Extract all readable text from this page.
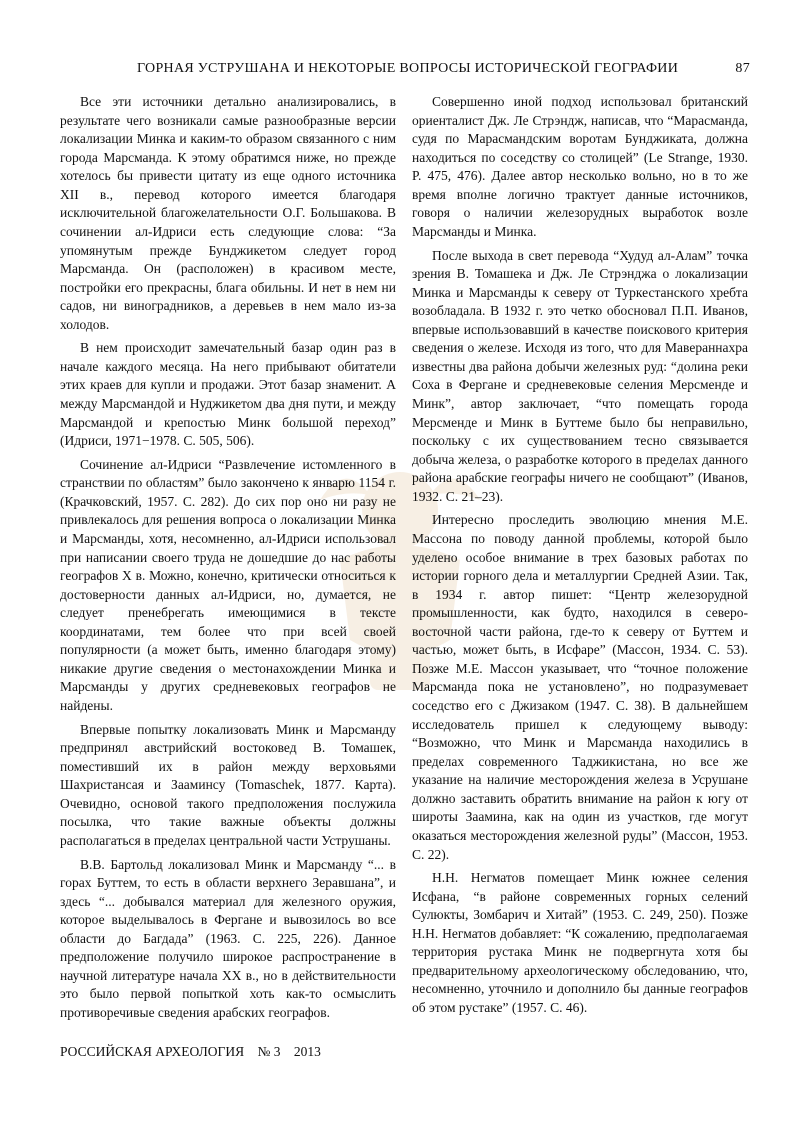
ГОРНАЯ УСТРУШАНА И НЕКОТОРЫЕ ВОПРОСЫ ИСТОРИЧЕСКОЙ ГЕОГРАФИИ	87

Все эти источники детально анализировались, в результате чего возникали самые разнообразные версии локализации Минка и каким-то образом связанного с ним города Марсманда. К этому обратимся ниже, но прежде хотелось бы привести цитату из еще одного источника XII в., перевод которого имеется благодаря исключительной благожелательности О.Г. Большакова. В сочинении ал-Идриси есть следующие слова: “За упомянутым прежде Бунджикетом следует город Марсманда. Он (расположен) в красивом месте, постройки его прекрасны, блага обильны. И нет в нем ни садов, ни виноградников, а деревьев в нем мало из-за холодов.

В нем происходит замечательный базар один раз в начале каждого месяца. На него прибывают обитатели этих краев для купли и продажи. Этот базар знаменит. А между Марсмандой и Нуджикетом два дня пути, и между Марсмандой и крепостью Минк большой переход” (Идриси, 1971−1978. С. 505, 506).

Сочинение ал-Идриси “Развлечение истомленного в странствии по областям” было закончено к январю 1154 г. (Крачковский, 1957. С. 282). До сих пор оно ни разу не привлекалось для решения вопроса о локализации Минка и Марсманды, хотя, несомненно, ал-Идриси использовал при написании своего труда не дошедшие до нас работы географов X в. Можно, конечно, критически относиться к достоверности данных ал-Идриси, но, думается, не следует пренебрегать имеющимися в тексте координатами, тем более что при всей своей популярности (а может быть, именно благодаря этому) никакие другие сведения о местонахождении Минка и Марсманды у других средневековых географов не найдены.

Впервые попытку локализовать Минк и Марсманду предпринял австрийский востоковед В. Томашек, поместивший их в район между верховьями Шахристансая и Зааминсу (Tomaschek, 1877. Карта). Очевидно, основой такого предположения послужила посылка, что такие важные объекты должны располагаться в пределах центральной части Уструшаны.

В.В. Бартольд локализовал Минк и Марсманду “... в горах Буттем, то есть в области верхнего Зеравшана”, и здесь “... добывался материал для железного оружия, которое выделывалось в Фергане и вывозилось во все области до Багдада” (1963. С. 225, 226). Данное предположение получило широкое распространение в научной литературе начала XX в., но в действительности это было первой попыткой хоть как-то осмыслить противоречивые сведения арабских географов.

Совершенно иной подход использовал британский ориенталист Дж. Ле Стрэндж, написав, что “Марасманда, судя по Марасмандским воротам Бунджиката, должна находиться по соседству со столицей” (Le Strange, 1930. P. 475, 476). Далее автор несколько вольно, но в то же время вполне логично трактует данные источников, говоря о наличии железорудных выработок возле Марсманды и Минка.

После выхода в свет перевода “Худуд ал-Алам” точка зрения В. Томашека и Дж. Ле Стрэнджа о локализации Минка и Марсманды к северу от Туркестанского хребта возобладала. В 1932 г. это четко обосновал П.П. Иванов, впервые использовавший в качестве поискового критерия сведения о железе. Исходя из того, что для Мавераннахра известны два района добычи железных руд: “долина реки Соха в Фергане и средневековые селения Мерсменде и Минк”, автор заключает, “что помещать города Мерсменде и Минк в Буттеме было бы неправильно, поскольку с их существованием тесно связывается добыча железа, о разработке которого в пределах данного района арабские географы ничего не сообщают” (Иванов, 1932. С. 21–23).

Интересно проследить эволюцию мнения М.Е. Массона по поводу данной проблемы, которой было уделено особое внимание в трех базовых работах по истории горного дела и металлургии Средней Азии. Так, в 1934 г. автор пишет: “Центр железорудной промышленности, как будто, находился в северо-восточной части района, где-то к северу от Буттем и частью, может быть, в Исфаре” (Массон, 1934. С. 53). Позже М.Е. Массон указывает, что “точное положение Марсманда пока не установлено”, но подразумевает соседство его с Джизаком (1947. С. 38). В дальнейшем исследователь пришел к следующему выводу: “Возможно, что Минк и Марсманда находились в пределах современного Таджикистана, но все же указание на наличие месторождения железа в Усрушане должно заставить обратить внимание на район к югу от широты Заамина, как на один из участков, где могут оказаться месторождения железной руды” (Массон, 1953. С. 22).

Н.Н. Негматов помещает Минк южнее селения Исфана, “в районе современных горных селений Сулюкты, Зомбарич и Хитай” (1953. С. 249, 250). Позже Н.Н. Негматов добавляет: “К сожалению, предполагаемая территория рустака Минк не подвергнута хотя бы предварительному археологическому обследованию, что, несомненно, уточнило и дополнило бы данные географов об этом рустаке” (1957. С. 46).

РОССИЙСКАЯ АРХЕОЛОГИЯ № 3 2013
